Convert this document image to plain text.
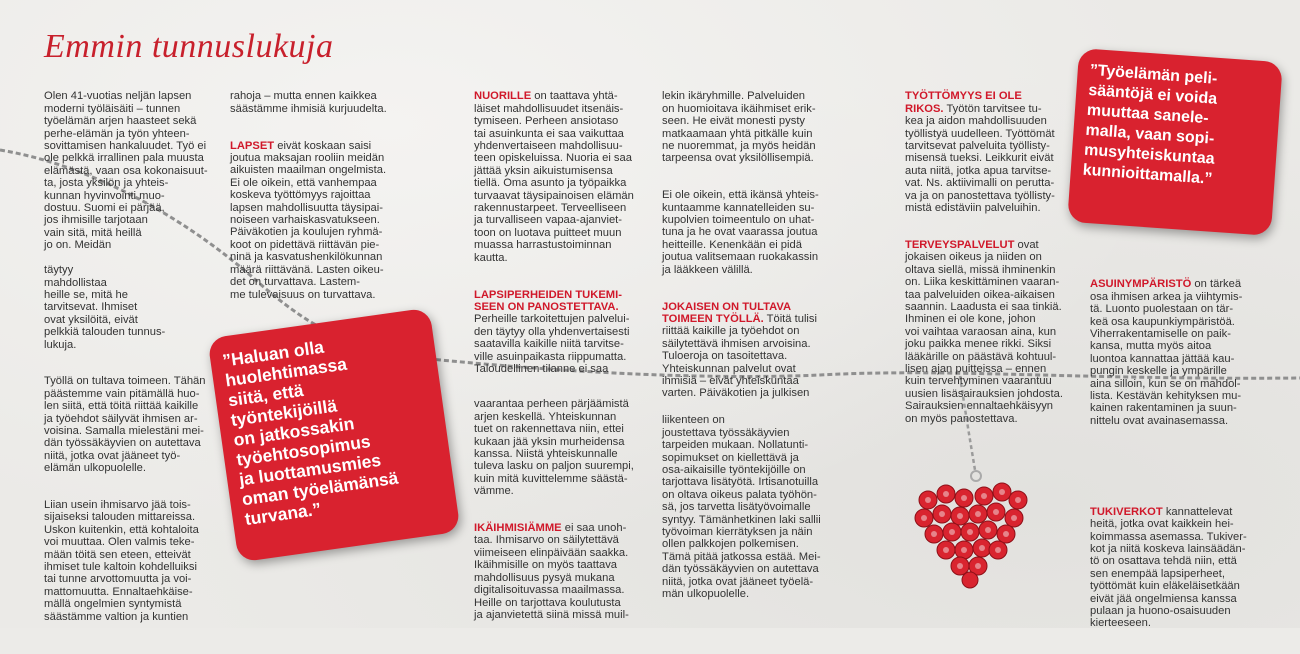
Emmin tunnuslukuja

Olen 41-vuotias neljän lapsen
moderni työläisäiti – tunnen
työelämän arjen haasteet sekä
perhe-elämän ja työn yhteen-
sovittamisen hankaluudet. Työ ei
ole pelkkä irrallinen pala muusta
elämästä, vaan osa kokonaisuut-
ta, josta yksilön ja yhteis-
kunnan hyvinvointi muo-
dostuu. Suomi ei pärjää,
jos ihmisille tarjotaan
vain sitä, mitä heillä
jo on. Meidän

täytyy
mahdollistaa
heille se, mitä he
tarvitsevat. Ihmiset
ovat yksilöitä, eivät
pelkkiä talouden tunnus-
lukuja.

Työllä on tultava toimeen. Tähän
päästemme vain pitämällä huo-
len siitä, että töitä riittää kaikille
ja työehdot säilyvät ihmisen ar-
voisina. Samalla mielestäni mei-
dän työssäkäyvien on autettava
niitä, jotka ovat jääneet työ-
elämän ulkopuolelle.

Liian usein ihmisarvo jää tois-
sijaiseksi talouden mittareissa.
Uskon kuitenkin, että kohtaloita
voi muuttaa. Olen valmis teke-
mään töitä sen eteen, etteivät
ihmiset tule kaltoin kohdelluiksi
tai tunne arvottomuutta ja voi-
mattomuutta. Ennaltaehkäise-
mällä ongelmien syntymistä
säästämme valtion ja kuntien

rahoja – mutta ennen kaikkea
säästämme ihmisiä kurjuudelta.

LAPSET eivät koskaan saisi
joutua maksajan rooliin meidän
aikuisten maailman ongelmista.
Ei ole oikein, että vanhempaa
koskeva työttömyys rajoittaa
lapsen mahdollisuutta täysipai-
noiseen varhaiskasvatukseen.
Päiväkotien ja koulujen ryhmä-
koot on pidettävä riittävän pie-
ninä ja kasvatushenkilökunnan
määrä riittävänä. Lasten oikeu-
det on turvattava. Lastem-
me tulevaisuus on turvattava.

NUORILLE on taattava yhtä-
läiset mahdollisuudet itsenäis-
tymiseen. Perheen ansiotaso
tai asuinkunta ei saa vaikuttaa
yhdenvertaiseen mahdollisuu-
teen opiskeluissa. Nuoria ei saa
jättää yksin aikuistumisensa
tiellä. Oma asunto ja työpaikka
turvaavat täysipainoisen elämän
rakennustarpeet. Terveelliseen
ja turvalliseen vapaa-ajanviet-
toon on luotava puitteet muun
muassa harrastustoiminnan
kautta.

LAPSIPERHEIDEN TUKEMI-
SEEN ON PANOSTETTAVA.
Perheille tarkoitettujen palvelui-
den täytyy olla yhdenvertaisesti
saatavilla kaikille niitä tarvitse-
ville asuinpaikasta riippumatta.
Taloudellinen tilanne ei saa

vaarantaa perheen pärjäämistä
arjen keskellä. Yhteiskunnan
tuet on rakennettava niin, ettei
kukaan jää yksin murheidensa
kanssa. Niistä yhteiskunnalle
tuleva lasku on paljon suurempi,
kuin mitä kuvittelemme säästä-
vämme.

IKÄIHMISIÄMME ei saa unoh-
taa. Ihmisarvo on säilytettävä
viimeiseen elinpäivään saakka.
Ikäihmisille on myös taattava
mahdollisuus pysyä mukana
digitalisoituvassa maailmassa.
Heille on tarjottava koulutusta
ja ajanvietettä siinä missä muil-

lekin ikäryhmille. Palveluiden
on huomioitava ikäihmiset erik-
seen. He eivät monesti pysty
matkaamaan yhtä pitkälle kuin
ne nuoremmat, ja myös heidän
tarpeensa ovat yksilöllisempiä.

Ei ole oikein, että ikänsä yhteis-
kuntaamme kannatelleiden su-
kupolvien toimeentulo on uhat-
tuna ja he ovat vaarassa joutua
heitteille. Kenenkään ei pidä
joutua valitsemaan ruokakassin
ja lääkkeen välillä.

JOKAISEN ON TULTAVA
TOIMEEN TYÖLLÄ. Töitä tulisi
riittää kaikille ja työehdot on
säilytettävä ihmisen arvoisina.
Tuloeroja on tasoitettava.
Yhteiskunnan palvelut ovat
ihmisiä – eivät yhteiskuntaa
varten. Päiväkotien ja julkisen

liikenteen on
joustettava työssäkäyvien
tarpeiden mukaan. Nollatunti-
sopimukset on kiellettävä ja
osa-aikaisille työntekijöille on
tarjottava lisätyötä. Irtisanotuilla
on oltava oikeus palata työhön-
sä, jos tarvetta lisätyövoimalle
syntyy. Tämänhetkinen laki sallii
työvoiman kierrätyksen ja näin
ollen palkkojen polkemisen.
Tämä pitää jatkossa estää. Mei-
dän työssäkäyvien on autettava
niitä, jotka ovat jääneet työelä-
män ulkopuolelle.

TYÖTTÖMYYS EI OLE
RIKOS. Työtön tarvitsee tu-
kea ja aidon mahdollisuuden
työllistyä uudelleen. Työttömät
tarvitsevat palveluita työllisty-
misensä tueksi. Leikkurit eivät
auta niitä, jotka apua tarvitse-
vat. Ns. aktiivimalli on perutta-
va ja on panostettava työllisty-
mistä edistäviin palveluihin.

TERVEYSPALVELUT ovat
jokaisen oikeus ja niiden on
oltava siellä, missä ihminenkin
on. Liika keskittäminen vaaran-
taa palveluiden oikea-aikaisen
saannin. Laadusta ei saa tinkiä.
Ihminen ei ole kone, johon
voi vaihtaa varaosan aina, kun
joku paikka menee rikki. Siksi
lääkärille on päästävä kohtuul-
lisen ajan puitteissa – ennen
kuin tervehtyminen vaarantuu
uusien lisäsairauksien johdosta.
Sairauksien ennaltaehkäisyyn
on myös panostettava.

ASUINYMPÄRISTÖ on tärkeä
osa ihmisen arkea ja viihtymis-
tä. Luonto puolestaan on tär-
keä osa kaupunkiympäristöä.
Viherrakentamiselle on paik-
kansa, mutta myös aitoa
luontoa kannattaa jättää kau-
pungin keskelle ja ympärille
aina silloin, kun se on mahdol-
lista. Kestävän kehityksen mu-
kainen rakentaminen ja suun-
nittelu ovat avainasemassa.

TUKIVERKOT kannattelevat
heitä, jotka ovat kaikkein hei-
koimmassa asemassa. Tukiver-
kot ja niitä koskeva lainsäädän-
tö on osattava tehdä niin, että
sen enempää lapsiperheet,
työttömät kuin eläkeläisetkään
eivät jää ongelmiensa kanssa
pulaan ja huono-osaisuuden
kierteeseen.

”Haluan olla
huolehtimassa
siitä, että
työntekijöillä
on jatkossakin
työehtosopimus
ja luottamusmies
oman työelämänsä
turvana.”
”Työelämän peli-
sääntöjä ei voida
muuttaa sanele-
malla, vaan sopi-
musyhteiskuntaa
kunnioittamalla.”
